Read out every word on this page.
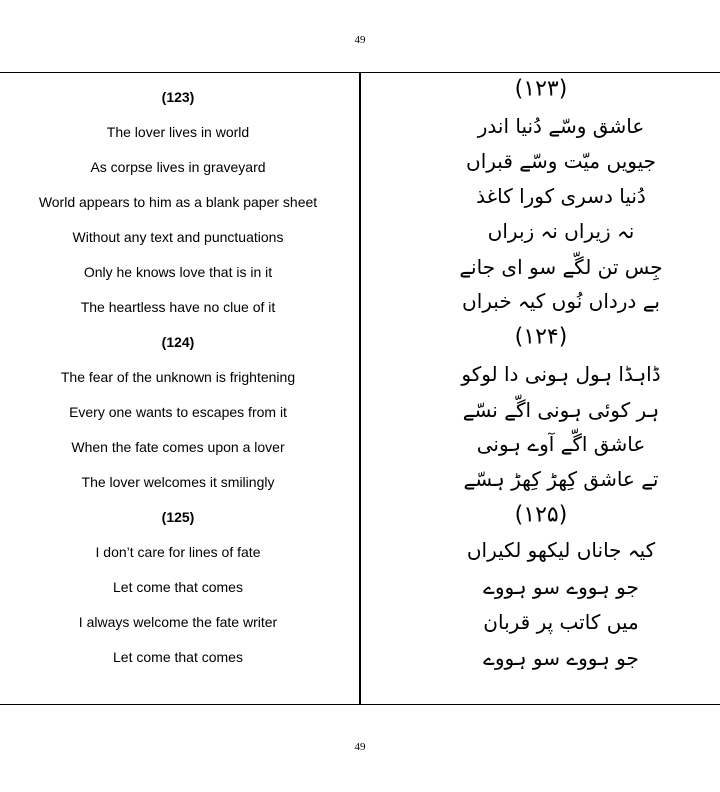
49
(123)
The lover lives in world
As corpse lives in graveyard
World appears to him as a blank paper sheet
Without any text and punctuations
Only he knows love that is in it
The heartless have no clue of it
(124)
The fear of the unknown is frightening
Every one wants to escapes from it
When the fate comes upon a lover
The lover welcomes it smilingly
(125)
I don’t care for lines of fate
Let come that comes
I always welcome the fate writer
Let come that comes
(۱۲۳)
عاشق وسّے دُنیا اندر
جیویں میّت وسّے قبراں
دُنیا دسری کورا کاغذ
نہ زیراں نہ زبراں
جِس تن لگّے سو ای جانے
بے درداں نُوں کیہ خبراں
(۱۲۴)
ڈاہڈا ہول ہونی دا لوکو
ہر کوئی ہونی اگّے نسّے
عاشق اگّے آوے ہونی
تے عاشق کِھڑ کِھڑ ہسّے
(۱۲۵)
کیہ جاناں لیکھو لکیراں
جو ہووے سو ہووے
میں کاتب پر قربان
جو ہووے سو ہووے
49
